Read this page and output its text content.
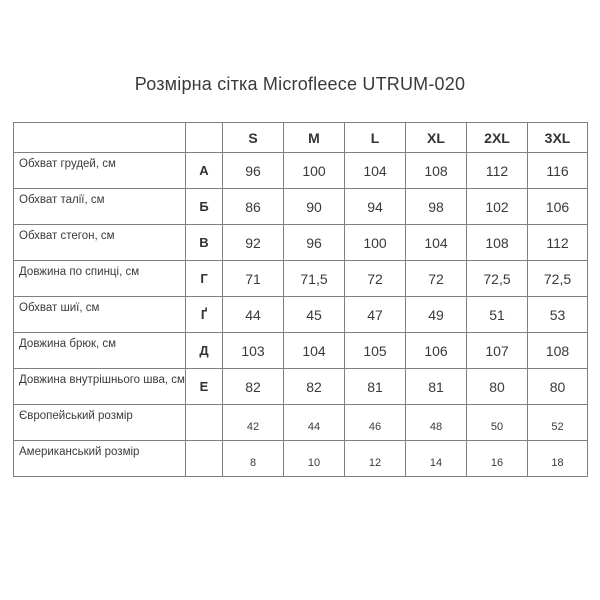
Розмірна сітка Microfleece UTRUM-020
		S	M	L	XL	2XL	3XL
Обхват грудей, см	А	96	100	104	108	112	116
Обхват талії, см	Б	86	90	94	98	102	106
Обхват стегон, см	В	92	96	100	104	108	112
Довжина по спинці, см	Г	71	71,5	72	72	72,5	72,5
Обхват шиї, см	Ґ	44	45	47	49	51	53
Довжина брюк, см	Д	103	104	105	106	107	108
Довжина внутрішнього шва, см	Е	82	82	81	81	80	80
Європейський розмір		42	44	46	48	50	52
Американський розмір		8	10	12	14	16	18
